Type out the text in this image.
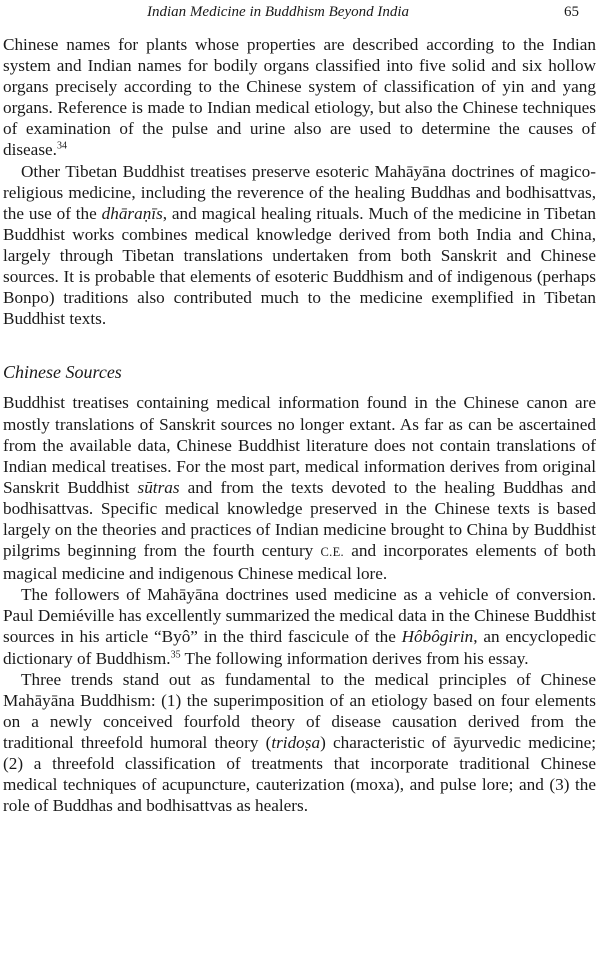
Indian Medicine in Buddhism Beyond India	65

Chinese names for plants whose properties are described according to the Indian system and Indian names for bodily organs classified into five solid and six hollow organs precisely according to the Chinese system of classification of yin and yang organs. Reference is made to Indian medical etiology, but also the Chinese techniques of examination of the pulse and urine also are used to determine the causes of disease.$^{34}$

Other Tibetan Buddhist treatises preserve esoteric Mahāyāna doctrines of magico-religious medicine, including the reverence of the healing Buddhas and bodhisattvas, the use of the dhāraṇīs, and magical healing rituals. Much of the medicine in Tibetan Buddhist works combines medical knowledge derived from both India and China, largely through Tibetan translations undertaken from both Sanskrit and Chinese sources. It is probable that elements of esoteric Buddhism and of indigenous (perhaps Bonpo) traditions also contributed much to the medicine exemplified in Tibetan Buddhist texts.

Chinese Sources

Buddhist treatises containing medical information found in the Chinese canon are mostly translations of Sanskrit sources no longer extant. As far as can be ascertained from the available data, Chinese Buddhist literature does not contain translations of Indian medical treatises. For the most part, medical information derives from original Sanskrit Buddhist sūtras and from the texts devoted to the healing Buddhas and bodhisattvas. Specific medical knowledge preserved in the Chinese texts is based largely on the theories and practices of Indian medicine brought to China by Buddhist pilgrims beginning from the fourth century C.E. and incorporates elements of both magical medicine and indigenous Chinese medical lore.

The followers of Mahāyāna doctrines used medicine as a vehicle of conversion. Paul Demiéville has excellently summarized the medical data in the Chinese Buddhist sources in his article “Byô” in the third fascicule of the Hôbôgirin, an encyclopedic dictionary of Buddhism.$^{35}$ The following information derives from his essay.

Three trends stand out as fundamental to the medical principles of Chinese Mahāyāna Buddhism: (1) the superimposition of an etiology based on four elements on a newly conceived fourfold theory of disease causation derived from the traditional threefold humoral theory (tridoṣa) characteristic of āyurvedic medicine; (2) a threefold classification of treatments that incorporate traditional Chinese medical techniques of acupuncture, cauterization (moxa), and pulse lore; and (3) the role of Buddhas and bodhisattvas as healers.
